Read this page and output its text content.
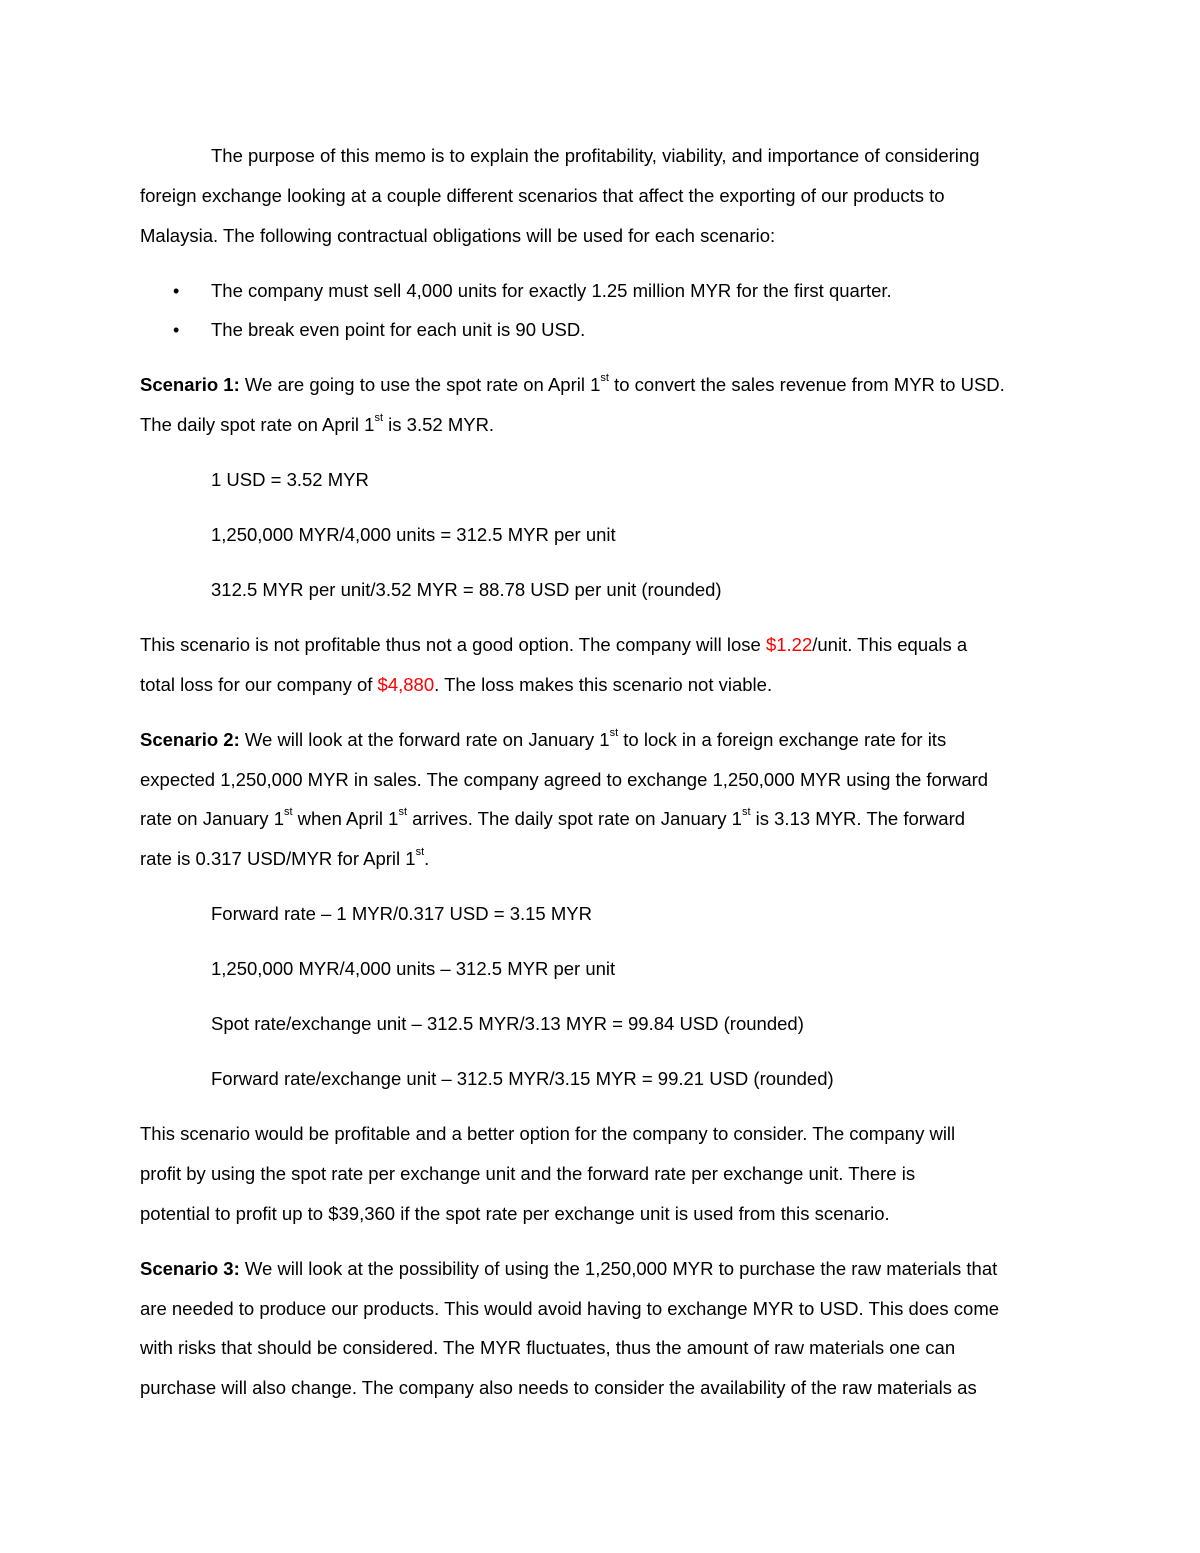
The purpose of this memo is to explain the profitability, viability, and importance of considering
foreign exchange looking at a couple different scenarios that affect the exporting of our products to
Malaysia. The following contractual obligations will be used for each scenario:
• The company must sell 4,000 units for exactly 1.25 million MYR for the first quarter.
• The break even point for each unit is 90 USD.
Scenario 1: We are going to use the spot rate on April 1st to convert the sales revenue from MYR to USD.
The daily spot rate on April 1st is 3.52 MYR.
1 USD = 3.52 MYR
1,250,000 MYR/4,000 units = 312.5 MYR per unit
312.5 MYR per unit/3.52 MYR = 88.78 USD per unit (rounded)
This scenario is not profitable thus not a good option. The company will lose $1.22/unit. This equals a
total loss for our company of $4,880. The loss makes this scenario not viable.
Scenario 2: We will look at the forward rate on January 1st to lock in a foreign exchange rate for its
expected 1,250,000 MYR in sales. The company agreed to exchange 1,250,000 MYR using the forward
rate on January 1st when April 1st arrives. The daily spot rate on January 1st is 3.13 MYR. The forward
rate is 0.317 USD/MYR for April 1st.
Forward rate – 1 MYR/0.317 USD = 3.15 MYR
1,250,000 MYR/4,000 units – 312.5 MYR per unit
Spot rate/exchange unit – 312.5 MYR/3.13 MYR = 99.84 USD (rounded)
Forward rate/exchange unit – 312.5 MYR/3.15 MYR = 99.21 USD (rounded)
This scenario would be profitable and a better option for the company to consider. The company will
profit by using the spot rate per exchange unit and the forward rate per exchange unit. There is
potential to profit up to $39,360 if the spot rate per exchange unit is used from this scenario.
Scenario 3: We will look at the possibility of using the 1,250,000 MYR to purchase the raw materials that
are needed to produce our products. This would avoid having to exchange MYR to USD. This does come
with risks that should be considered. The MYR fluctuates, thus the amount of raw materials one can
purchase will also change. The company also needs to consider the availability of the raw materials as
